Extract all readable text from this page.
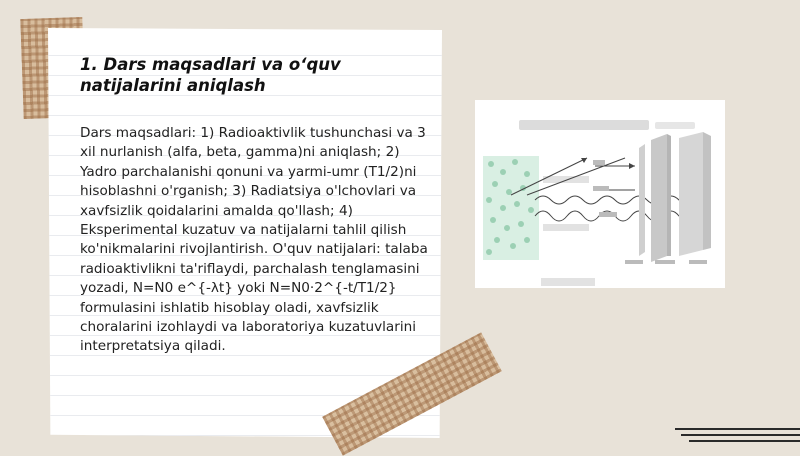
1. Dars maqsadlari va o‘quv natijalarini aniqlash

Dars maqsadlari: 1) Radioaktivlik tushunchasi va 3 xil nurlanish (alfa, beta, gamma)ni aniqlash; 2) Yadro parchalanishi qonuni va yarmi-umr (T1/2)ni hisoblashni o'rganish; 3) Radiatsiya o'lchovlari va xavfsizlik qoidalarini amalda qo'llash; 4) Eksperimental kuzatuv va natijalarni tahlil qilish ko'nikmalarini rivojlantirish. O'quv natijalari: talaba radioaktivlikni ta'riflaydi, parchalash tenglamasini yozadi, N=N0 e^{-λt} yoki N=N0·2^{-t/T1/2} formulasini ishlatib hisoblay oladi, xavfsizlik choralarini izohlaydi va laboratoriya kuzatuvlarini interpretatsiya qiladi.
